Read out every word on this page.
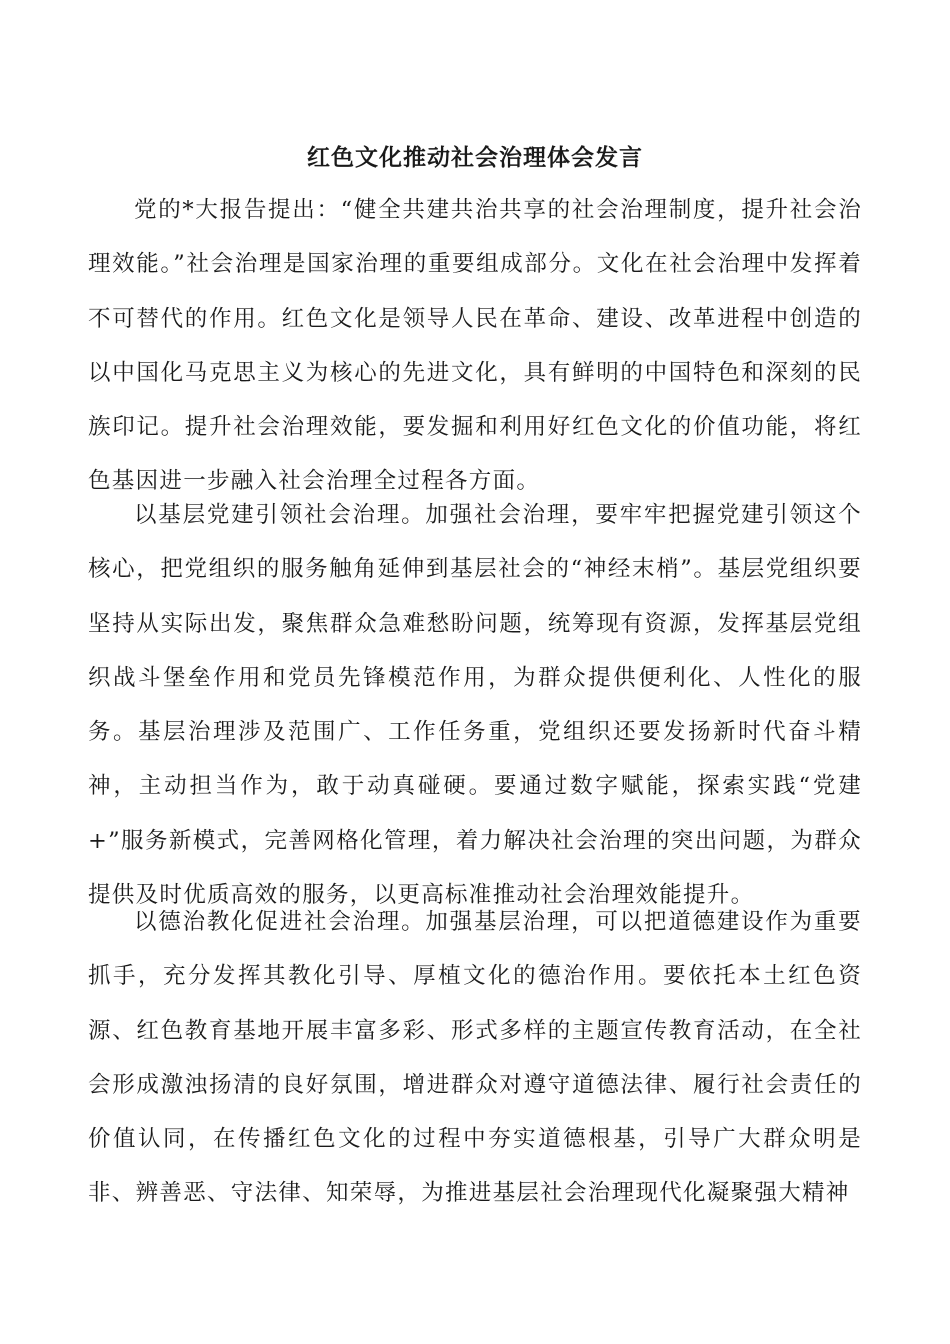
红色文化推动社会治理体会发言

党的*大报告提出：“健全共建共治共享的社会治理制度，提升社会治理效能。”社会治理是国家治理的重要组成部分。文化在社会治理中发挥着不可替代的作用。红色文化是领导人民在革命、建设、改革进程中创造的以中国化马克思主义为核心的先进文化，具有鲜明的中国特色和深刻的民族印记。提升社会治理效能，要发掘和利用好红色文化的价值功能，将红色基因进一步融入社会治理全过程各方面。

以基层党建引领社会治理。加强社会治理，要牢牢把握党建引领这个核心，把党组织的服务触角延伸到基层社会的“神经末梢”。基层党组织要坚持从实际出发，聚焦群众急难愁盼问题，统筹现有资源，发挥基层党组织战斗堡垒作用和党员先锋模范作用，为群众提供便利化、人性化的服务。基层治理涉及范围广、工作任务重，党组织还要发扬新时代奋斗精神，主动担当作为，敢于动真碰硬。要通过数字赋能，探索实践“党建+”服务新模式，完善网格化管理，着力解决社会治理的突出问题，为群众提供及时优质高效的服务，以更高标准推动社会治理效能提升。

以德治教化促进社会治理。加强基层治理，可以把道德建设作为重要抓手，充分发挥其教化引导、厚植文化的德治作用。要依托本土红色资源、红色教育基地开展丰富多彩、形式多样的主题宣传教育活动，在全社会形成激浊扬清的良好氛围，增进群众对遵守道德法律、履行社会责任的价值认同，在传播红色文化的过程中夯实道德根基，引导广大群众明是非、辨善恶、守法律、知荣辱，为推进基层社会治理现代化凝聚强大精神
